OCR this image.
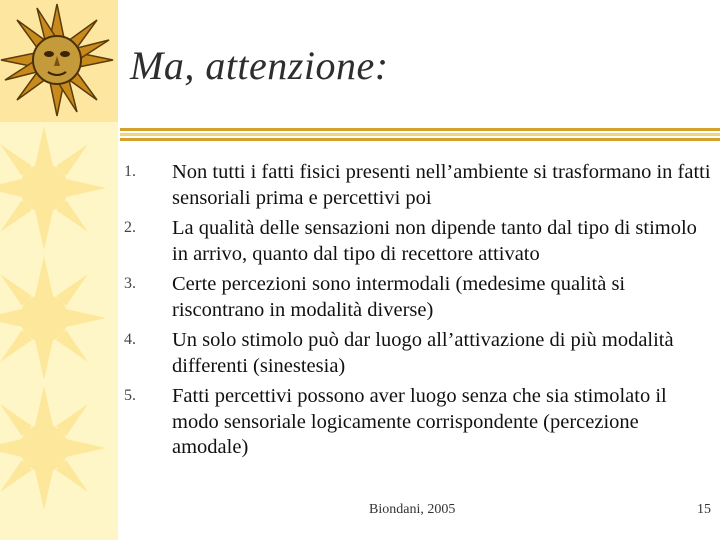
Ma, attenzione:
1.	Non tutti i fatti fisici presenti nell’ambiente si trasformano in fatti sensoriali prima e percettivi poi
2.	La qualità delle sensazioni non dipende tanto dal tipo di stimolo in arrivo, quanto dal tipo di recettore attivato
3.	Certe percezioni sono intermodali (medesime qualità si riscontrano in modalità diverse)
4.	Un solo stimolo può dar luogo all’attivazione di più modalità differenti (sinestesia)
5.	Fatti percettivi possono aver luogo senza che sia stimolato il modo sensoriale logicamente corrispondente (percezione amodale)
Biondani, 2005	15
